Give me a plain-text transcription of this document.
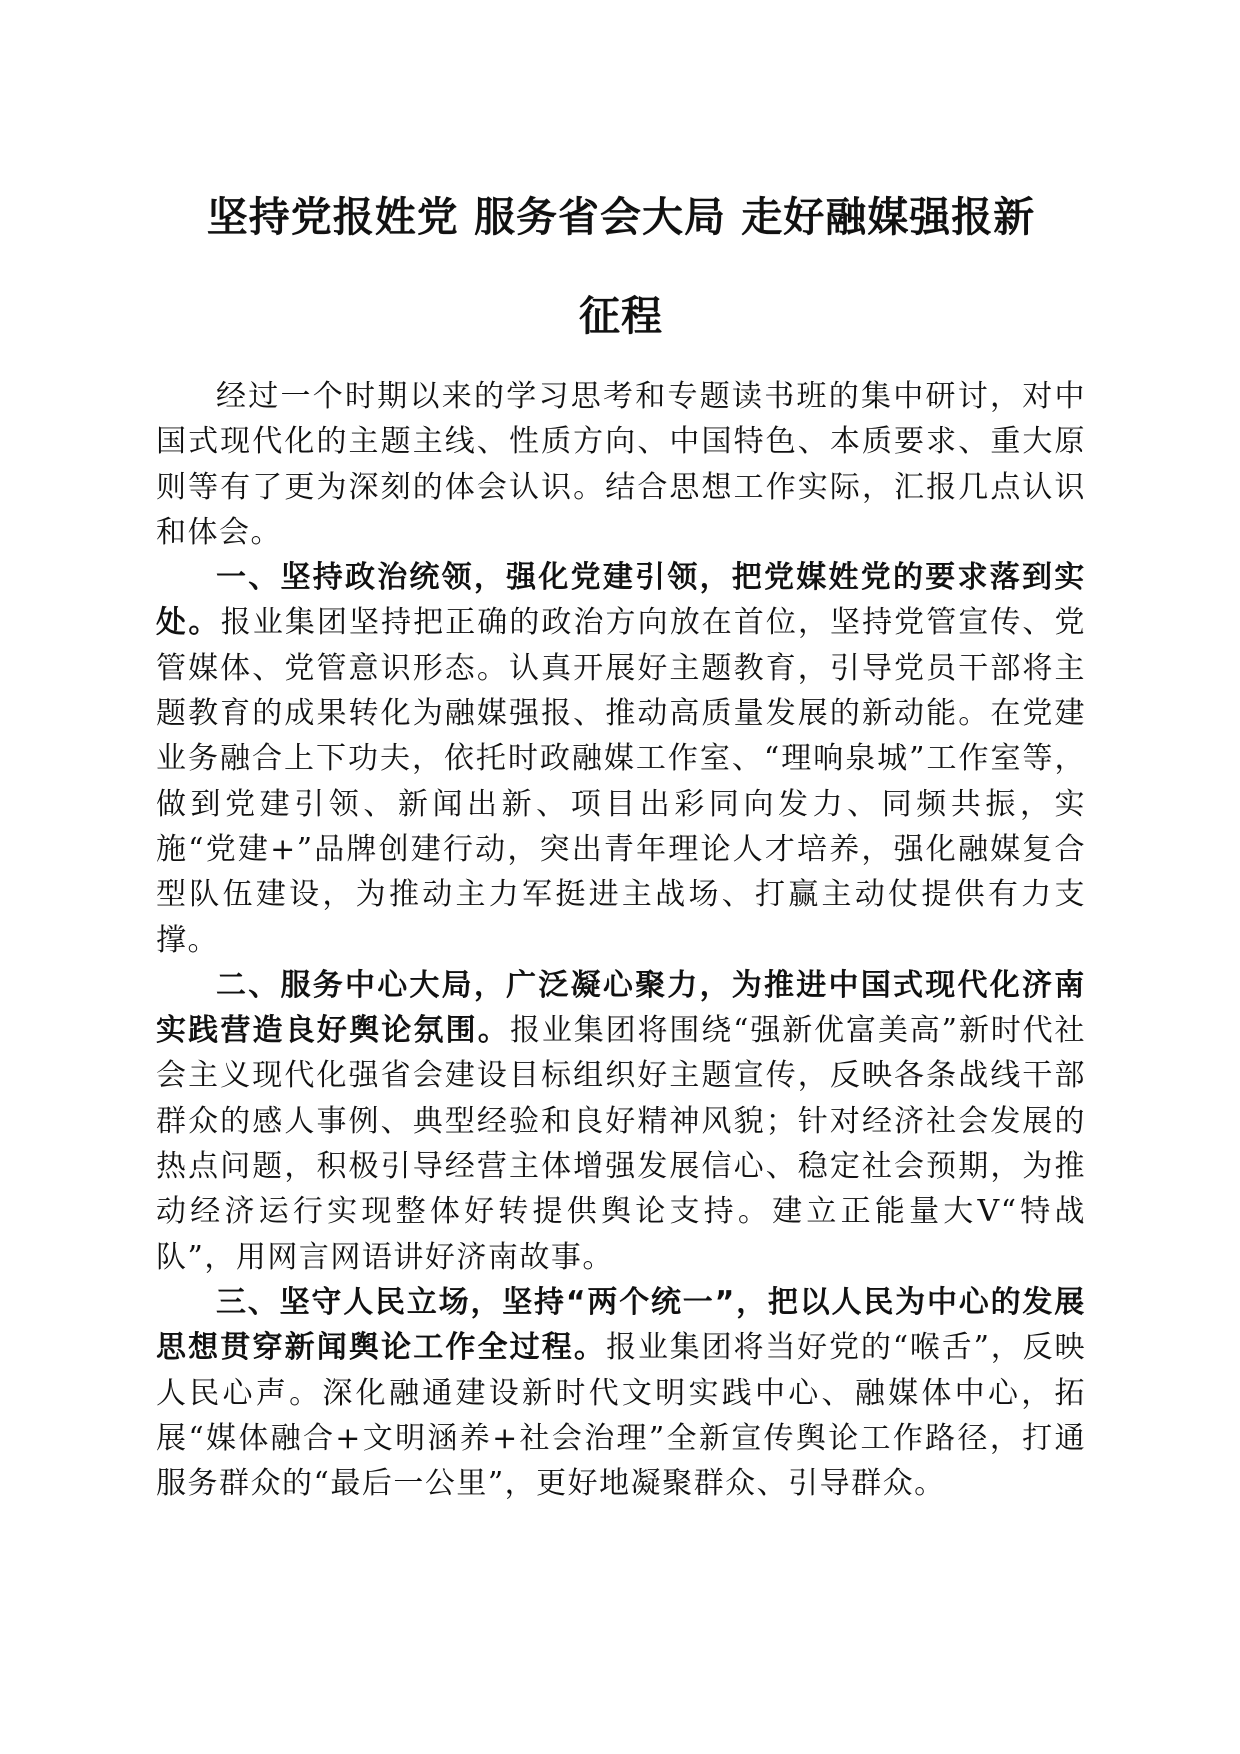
坚持党报姓党 服务省会大局 走好融媒强报新
征程

经过一个时期以来的学习思考和专题读书班的集中研讨，对中国式现代化的主题主线、性质方向、中国特色、本质要求、重大原则等有了更为深刻的体会认识。结合思想工作实际，汇报几点认识和体会。

一、坚持政治统领，强化党建引领，把党媒姓党的要求落到实处。报业集团坚持把正确的政治方向放在首位，坚持党管宣传、党管媒体、党管意识形态。认真开展好主题教育，引导党员干部将主题教育的成果转化为融媒强报、推动高质量发展的新动能。在党建业务融合上下功夫，依托时政融媒工作室、“理响泉城”工作室等，做到党建引领、新闻出新、项目出彩同向发力、同频共振，实施“党建+”品牌创建行动，突出青年理论人才培养，强化融媒复合型队伍建设，为推动主力军挺进主战场、打赢主动仗提供有力支撑。

二、服务中心大局，广泛凝心聚力，为推进中国式现代化济南实践营造良好舆论氛围。报业集团将围绕“强新优富美高”新时代社会主义现代化强省会建设目标组织好主题宣传，反映各条战线干部群众的感人事例、典型经验和良好精神风貌；针对经济社会发展的热点问题，积极引导经营主体增强发展信心、稳定社会预期，为推动经济运行实现整体好转提供舆论支持。建立正能量大V“特战队”，用网言网语讲好济南故事。

三、坚守人民立场，坚持“两个统一”，把以人民为中心的发展思想贯穿新闻舆论工作全过程。报业集团将当好党的“喉舌”，反映人民心声。深化融通建设新时代文明实践中心、融媒体中心，拓展“媒体融合+文明涵养+社会治理”全新宣传舆论工作路径，打通服务群众的“最后一公里”，更好地凝聚群众、引导群众。
